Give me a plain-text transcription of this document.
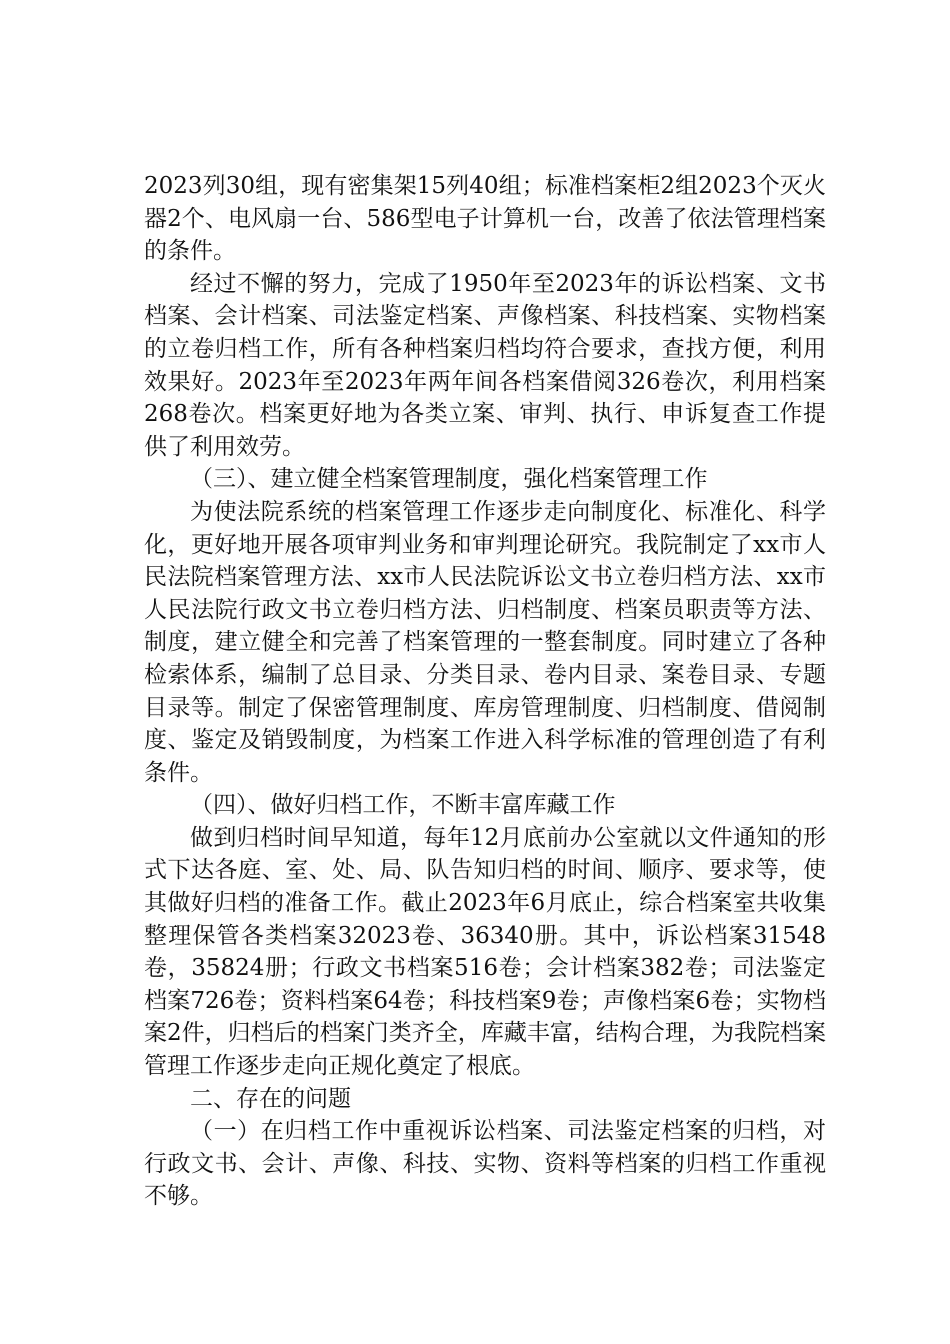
2023列30组，现有密集架15列40组；标准档案柜2组2023个灭火器2个、电风扇一台、586型电子计算机一台，改善了依法管理档案的条件。

经过不懈的努力，完成了1950年至2023年的诉讼档案、文书档案、会计档案、司法鉴定档案、声像档案、科技档案、实物档案的立卷归档工作，所有各种档案归档均符合要求，查找方便，利用效果好。2023年至2023年两年间各档案借阅326卷次，利用档案268卷次。档案更好地为各类立案、审判、执行、申诉复查工作提供了利用效劳。

（三）、建立健全档案管理制度，强化档案管理工作

为使法院系统的档案管理工作逐步走向制度化、标准化、科学化，更好地开展各项审判业务和审判理论研究。我院制定了xx市人民法院档案管理方法、xx市人民法院诉讼文书立卷归档方法、xx市人民法院行政文书立卷归档方法、归档制度、档案员职责等方法、制度，建立健全和完善了档案管理的一整套制度。同时建立了各种检索体系，编制了总目录、分类目录、卷内目录、案卷目录、专题目录等。制定了保密管理制度、库房管理制度、归档制度、借阅制度、鉴定及销毁制度，为档案工作进入科学标准的管理创造了有利条件。

（四）、做好归档工作，不断丰富库藏工作

做到归档时间早知道，每年12月底前办公室就以文件通知的形式下达各庭、室、处、局、队告知归档的时间、顺序、要求等，使其做好归档的准备工作。截止2023年6月底止，综合档案室共收集整理保管各类档案32023卷、36340册。其中，诉讼档案31548卷，35824册；行政文书档案516卷；会计档案382卷；司法鉴定档案726卷；资料档案64卷；科技档案9卷；声像档案6卷；实物档案2件，归档后的档案门类齐全，库藏丰富，结构合理，为我院档案管理工作逐步走向正规化奠定了根底。

二、存在的问题

（一）在归档工作中重视诉讼档案、司法鉴定档案的归档，对行政文书、会计、声像、科技、实物、资料等档案的归档工作重视不够。
